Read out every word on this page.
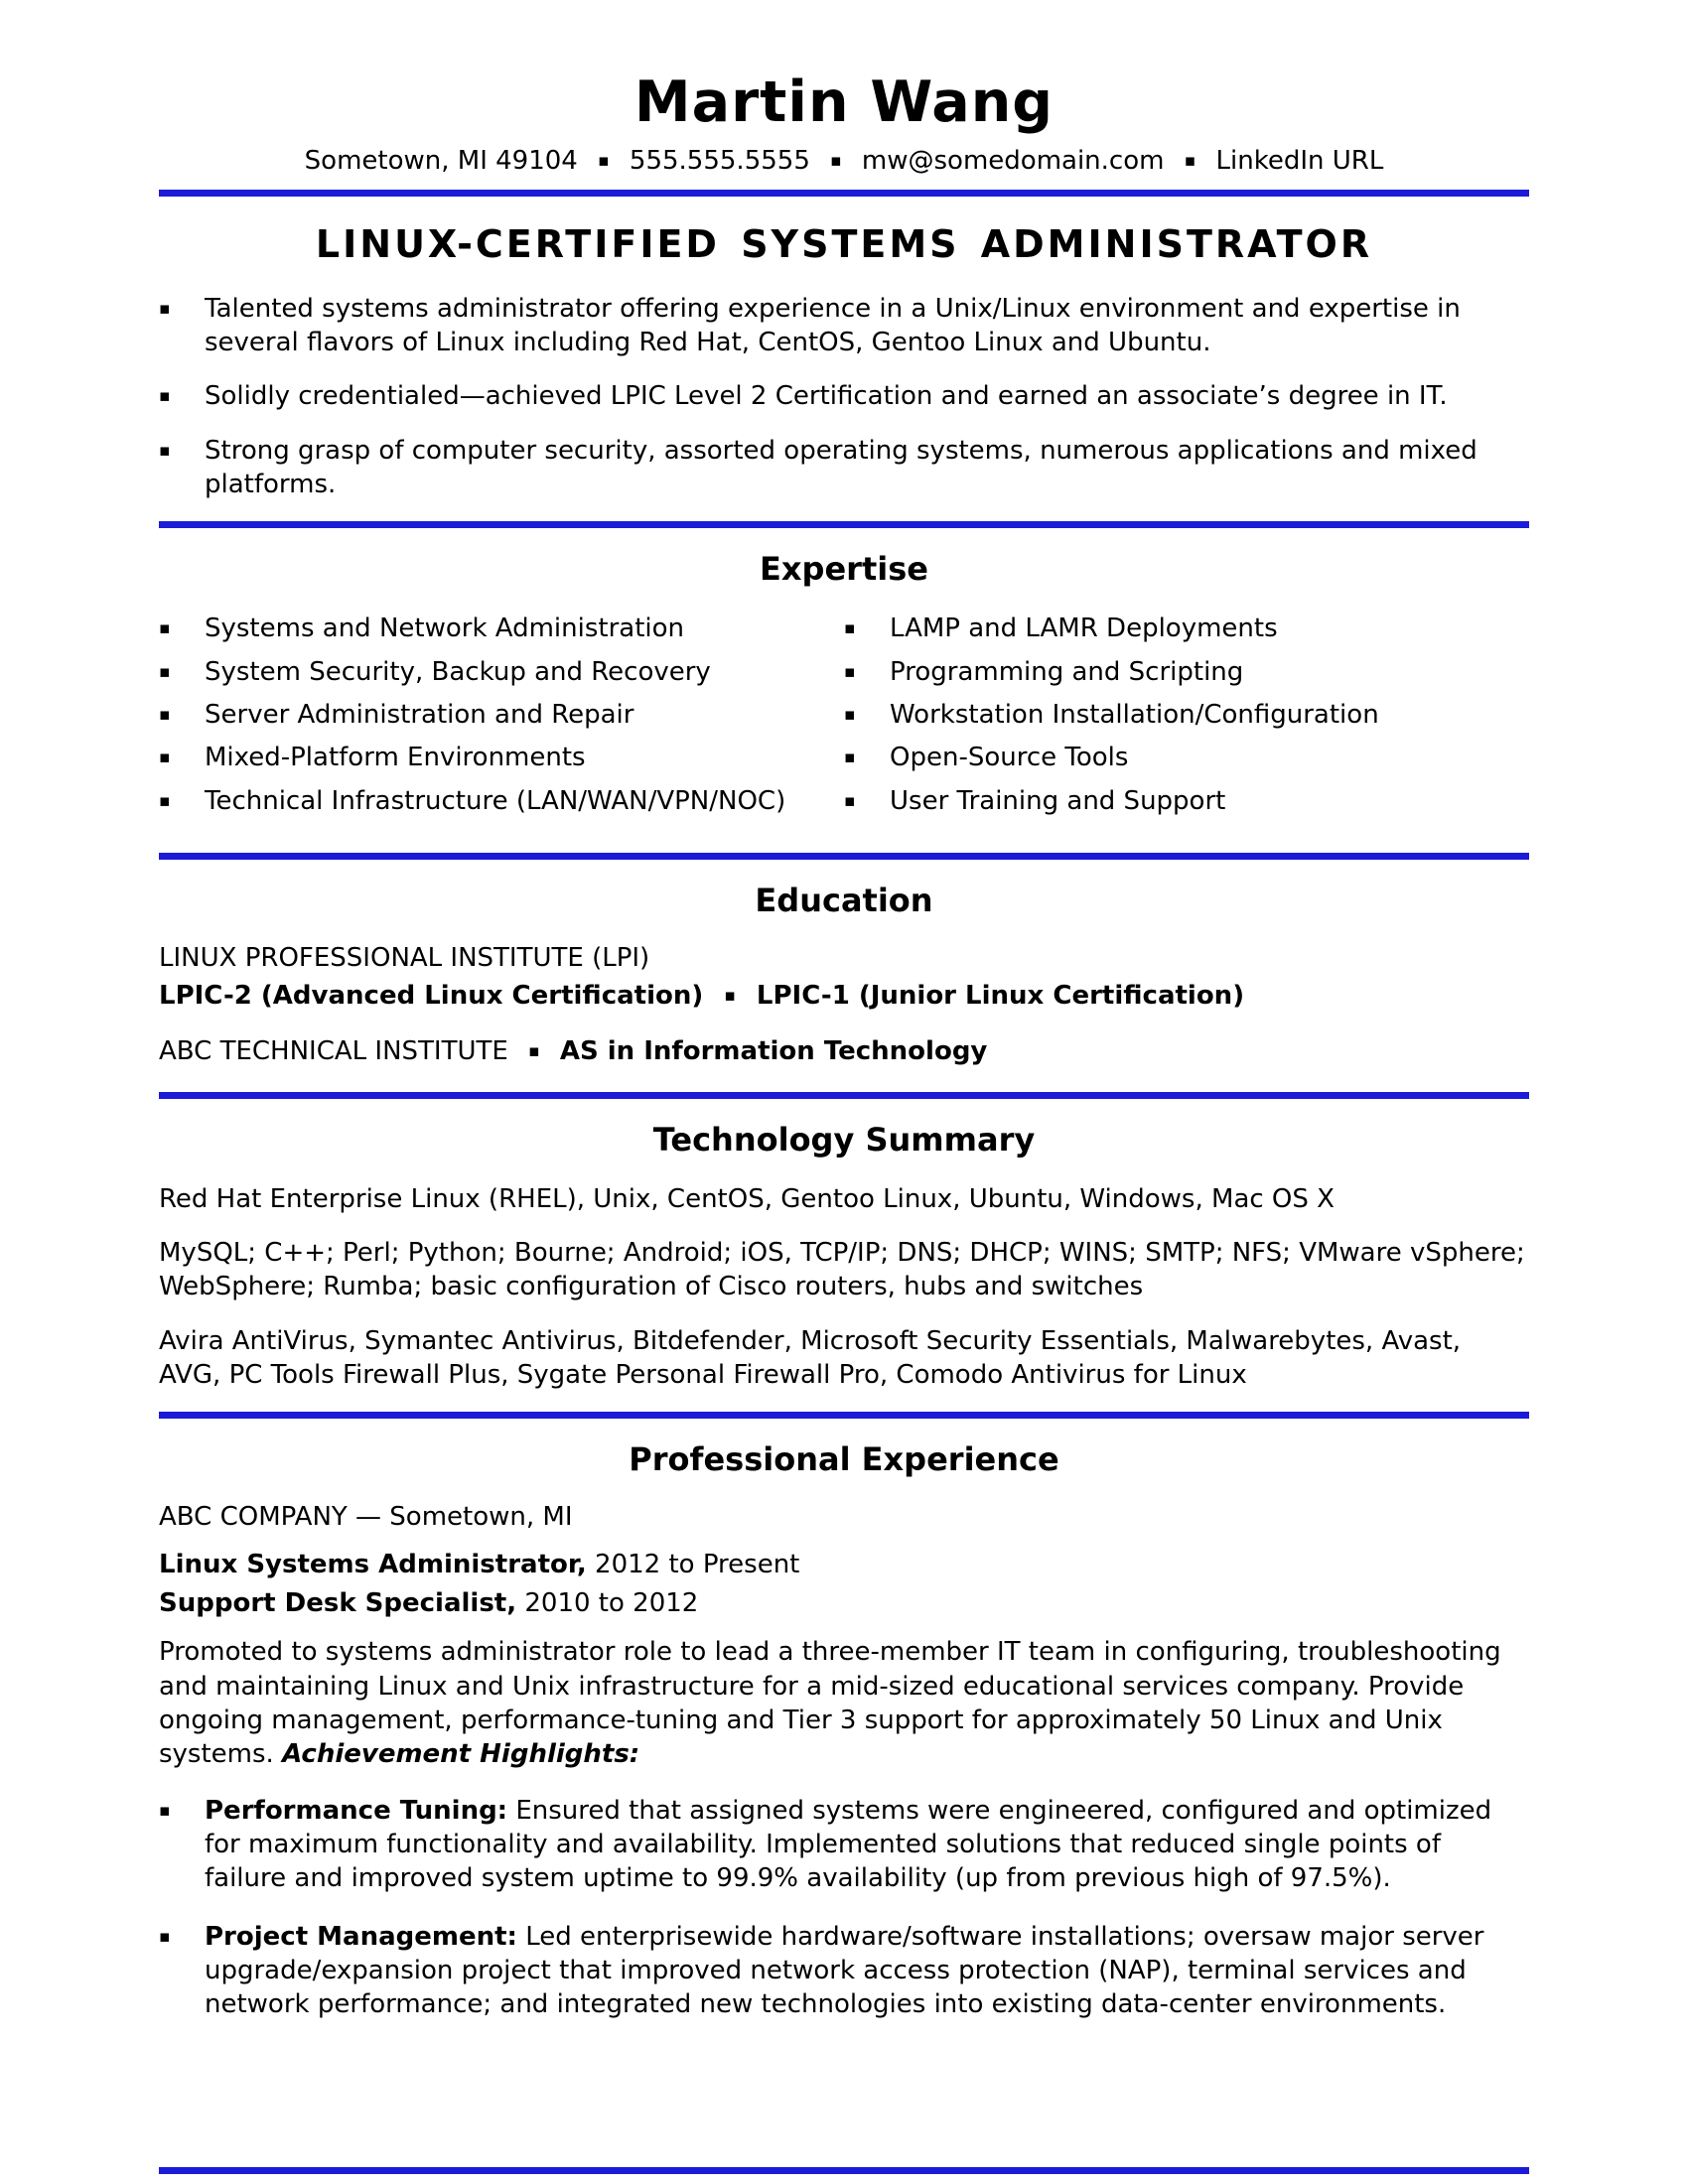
Martin Wang
Sometown, MI 49104 ▪ 555.555.5555 ▪ mw@somedomain.com ▪ LinkedIn URL
LINUX-CERTIFIED SYSTEMS ADMINISTRATOR
▪	Talented systems administrator offering experience in a Unix/Linux environment and expertise in several flavors of Linux including Red Hat, CentOS, Gentoo Linux and Ubuntu.
▪	Solidly credentialed—achieved LPIC Level 2 Certification and earned an associate’s degree in IT.
▪	Strong grasp of computer security, assorted operating systems, numerous applications and mixed platforms.
Expertise
▪	Systems and Network Administration
▪	System Security, Backup and Recovery
▪	Server Administration and Repair
▪	Mixed-Platform Environments
▪	Technical Infrastructure (LAN/WAN/VPN/NOC)
▪	LAMP and LAMR Deployments
▪	Programming and Scripting
▪	Workstation Installation/Configuration
▪	Open-Source Tools
▪	User Training and Support
Education
LINUX PROFESSIONAL INSTITUTE (LPI)
LPIC-2 (Advanced Linux Certification) ▪ LPIC-1 (Junior Linux Certification)
ABC TECHNICAL INSTITUTE ▪ AS in Information Technology
Technology Summary

Red Hat Enterprise Linux (RHEL), Unix, CentOS, Gentoo Linux, Ubuntu, Windows, Mac OS X

MySQL; C++; Perl; Python; Bourne; Android; iOS, TCP/IP; DNS; DHCP; WINS; SMTP; NFS; VMware vSphere; WebSphere; Rumba; basic configuration of Cisco routers, hubs and switches

Avira AntiVirus, Symantec Antivirus, Bitdefender, Microsoft Security Essentials, Malwarebytes, Avast, AVG, PC Tools Firewall Plus, Sygate Personal Firewall Pro, Comodo Antivirus for Linux

Professional Experience
ABC COMPANY — Sometown, MI
Linux Systems Administrator, 2012 to Present
Support Desk Specialist, 2010 to 2012

Promoted to systems administrator role to lead a three-member IT team in configuring, troubleshooting and maintaining Linux and Unix infrastructure for a mid-sized educational services company. Provide ongoing management, performance-tuning and Tier 3 support for approximately 50 Linux and Unix systems. Achievement Highlights:

▪	Performance Tuning: Ensured that assigned systems were engineered, configured and optimized for maximum functionality and availability. Implemented solutions that reduced single points of failure and improved system uptime to 99.9% availability (up from previous high of 97.5%).
▪	Project Management: Led enterprisewide hardware/software installations; oversaw major server upgrade/expansion project that improved network access protection (NAP), terminal services and network performance; and integrated new technologies into existing data-center environments.
